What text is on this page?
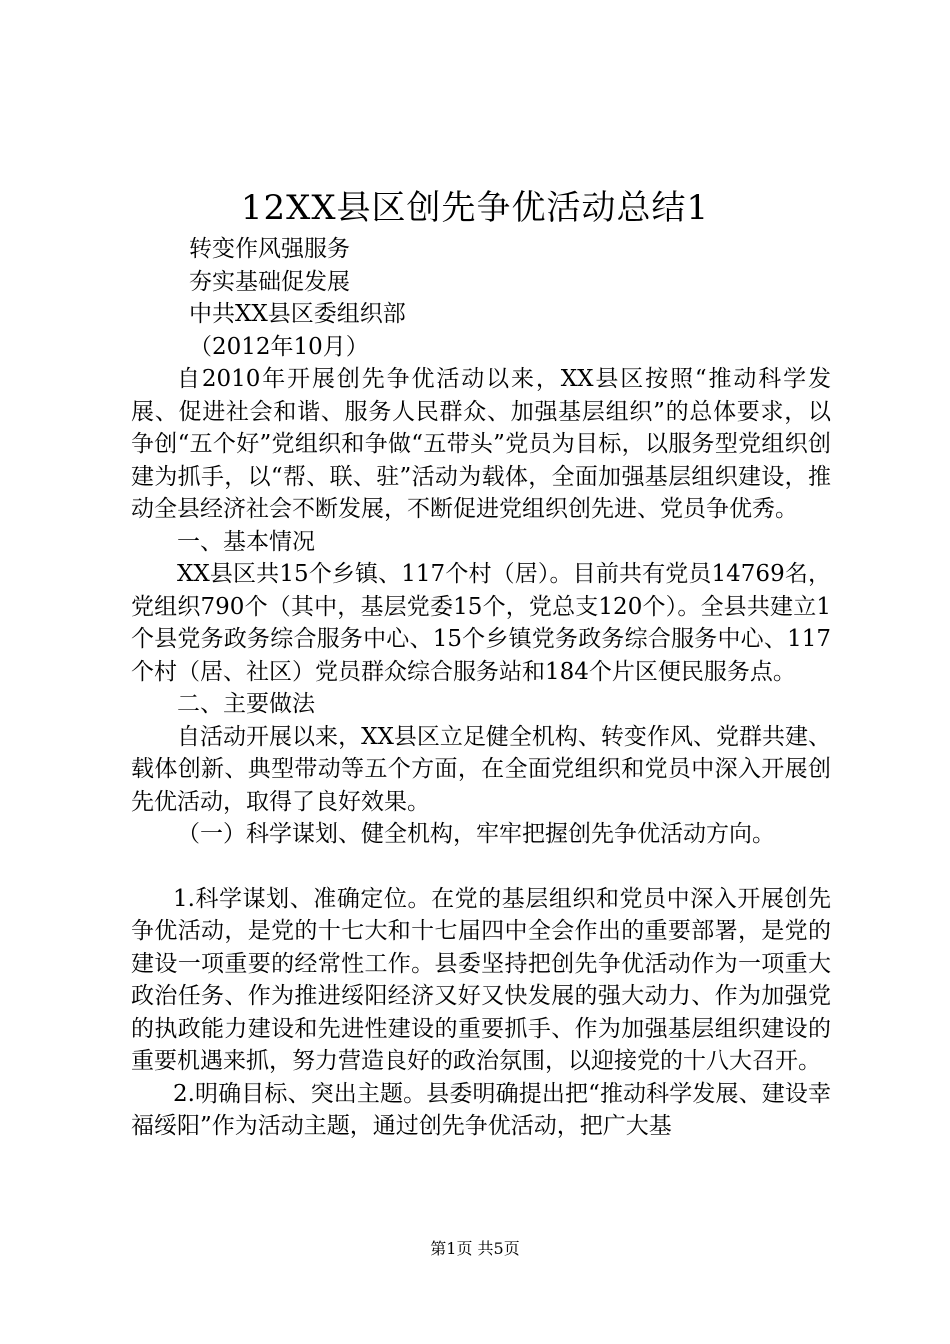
12XX县区创先争优活动总结1

转变作风强服务

夯实基础促发展

中共XX县区委组织部

（2012年10月）

自2010年开展创先争优活动以来，XX县区按照“推动科学发展、促进社会和谐、服务人民群众、加强基层组织”的总体要求，以争创“五个好”党组织和争做“五带头”党员为目标，以服务型党组织创建为抓手，以“帮、联、驻”活动为载体，全面加强基层组织建设，推动全县经济社会不断发展，不断促进党组织创先进、党员争优秀。

一、基本情况

XX县区共15个乡镇、117个村（居）。目前共有党员14769名，党组织790个（其中，基层党委15个，党总支120个）。全县共建立1个县党务政务综合服务中心、15个乡镇党务政务综合服务中心、117个村（居、社区）党员群众综合服务站和184个片区便民服务点。

二、主要做法

自活动开展以来，XX县区立足健全机构、转变作风、党群共建、载体创新、典型带动等五个方面，在全面党组织和党员中深入开展创先优活动，取得了良好效果。

（一）科学谋划、健全机构，牢牢把握创先争优活动方向。

1.科学谋划、准确定位。在党的基层组织和党员中深入开展创先争优活动，是党的十七大和十七届四中全会作出的重要部署，是党的建设一项重要的经常性工作。县委坚持把创先争优活动作为一项重大政治任务、作为推进绥阳经济又好又快发展的强大动力、作为加强党的执政能力建设和先进性建设的重要抓手、作为加强基层组织建设的重要机遇来抓，努力营造良好的政治氛围，以迎接党的十八大召开。

2.明确目标、突出主题。县委明确提出把“推动科学发展、建设幸福绥阳”作为活动主题，通过创先争优活动，把广大基

第1页 共5页
